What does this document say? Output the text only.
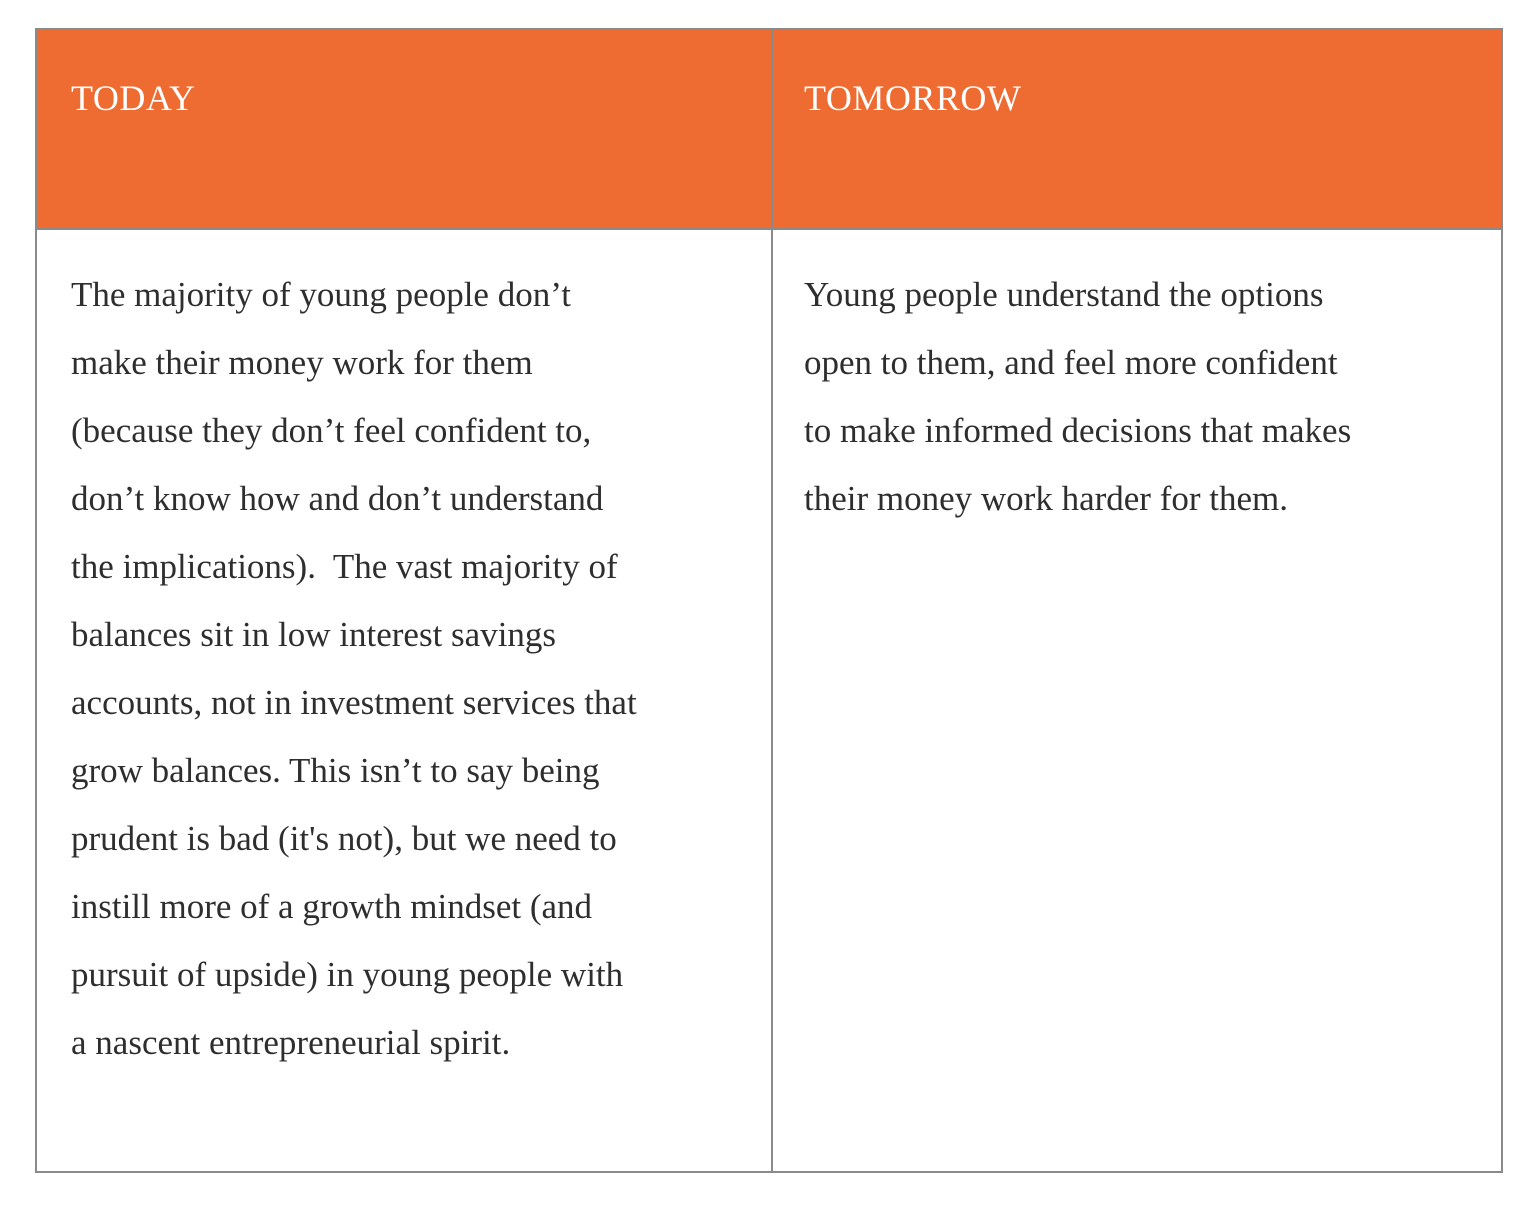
TODAY	TOMORROW
The majority of young people don’t
make their money work for them
(because they don’t feel confident to,
don’t know how and don’t understand
the implications).  The vast majority of
balances sit in low interest savings
accounts, not in investment services that
grow balances. This isn’t to say being
prudent is bad (it's not), but we need to
instill more of a growth mindset (and
pursuit of upside) in young people with
a nascent entrepreneurial spirit.
Young people understand the options
open to them, and feel more confident
to make informed decisions that makes
their money work harder for them.
